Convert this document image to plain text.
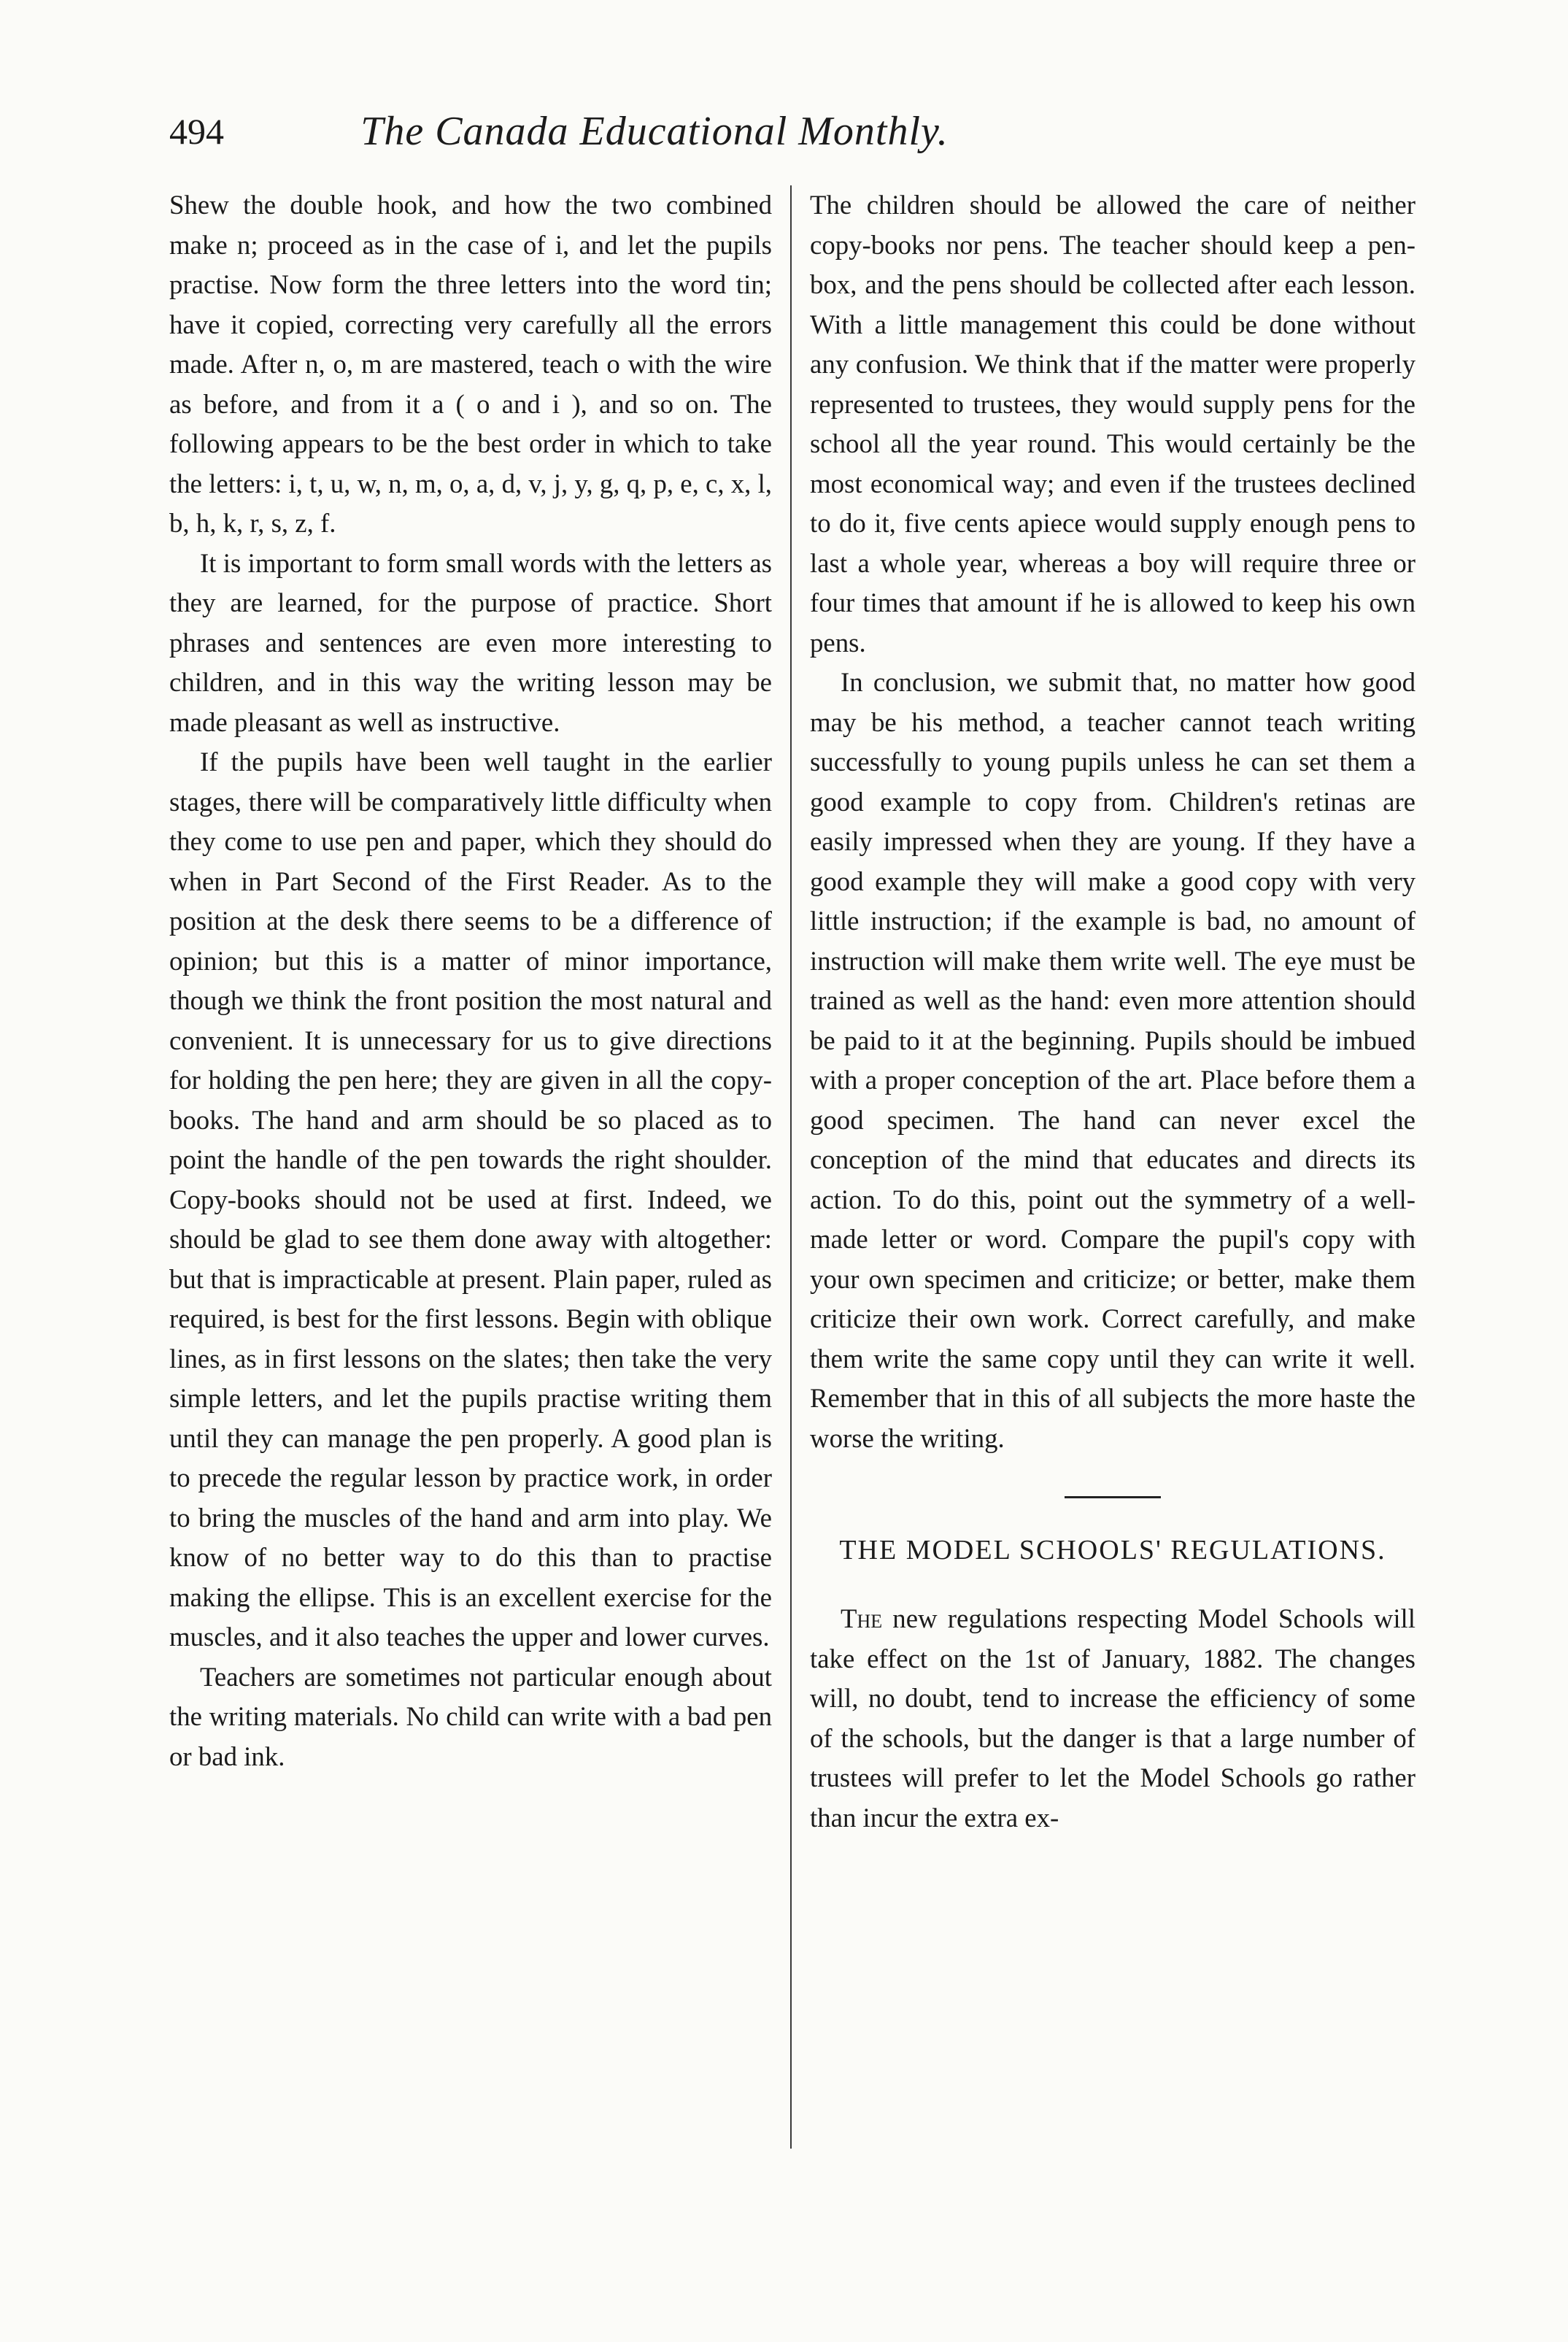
494	The Canada Educational Monthly.

Shew the double hook, and how the two combined make n; proceed as in the case of i, and let the pupils practise. Now form the three letters into the word tin; have it copied, correcting very carefully all the errors made. After n, o, m are mastered, teach o with the wire as before, and from it a ( o and i ), and so on. The following appears to be the best order in which to take the letters: i, t, u, w, n, m, o, a, d, v, j, y, g, q, p, e, c, x, l, b, h, k, r, s, z, f.

It is important to form small words with the letters as they are learned, for the purpose of practice. Short phrases and sentences are even more interesting to children, and in this way the writing lesson may be made pleasant as well as instructive.

If the pupils have been well taught in the earlier stages, there will be comparatively little difficulty when they come to use pen and paper, which they should do when in Part Second of the First Reader. As to the position at the desk there seems to be a difference of opinion; but this is a matter of minor importance, though we think the front position the most natural and convenient. It is unnecessary for us to give directions for holding the pen here; they are given in all the copy-books. The hand and arm should be so placed as to point the handle of the pen towards the right shoulder. Copy-books should not be used at first. Indeed, we should be glad to see them done away with altogether: but that is impracticable at present. Plain paper, ruled as required, is best for the first lessons. Begin with oblique lines, as in first lessons on the slates; then take the very simple letters, and let the pupils practise writing them until they can manage the pen properly. A good plan is to precede the regular lesson by practice work, in order to bring the muscles of the hand and arm into play. We know of no better way to do this than to practise making the ellipse. This is an excellent exercise for the muscles, and it also teaches the upper and lower curves.

Teachers are sometimes not particular enough about the writing materials. No child can write with a bad pen or bad ink.

The children should be allowed the care of neither copy-books nor pens. The teacher should keep a pen-box, and the pens should be collected after each lesson. With a little management this could be done without any confusion. We think that if the matter were properly represented to trustees, they would supply pens for the school all the year round. This would certainly be the most economical way; and even if the trustees declined to do it, five cents apiece would supply enough pens to last a whole year, whereas a boy will require three or four times that amount if he is allowed to keep his own pens.

In conclusion, we submit that, no matter how good may be his method, a teacher cannot teach writing successfully to young pupils unless he can set them a good example to copy from. Children's retinas are easily impressed when they are young. If they have a good example they will make a good copy with very little instruction; if the example is bad, no amount of instruction will make them write well. The eye must be trained as well as the hand: even more attention should be paid to it at the beginning. Pupils should be imbued with a proper conception of the art. Place before them a good specimen. The hand can never excel the conception of the mind that educates and directs its action. To do this, point out the symmetry of a well-made letter or word. Compare the pupil's copy with your own specimen and criticize; or better, make them criticize their own work. Correct carefully, and make them write the same copy until they can write it well. Remember that in this of all subjects the more haste the worse the writing.

THE MODEL SCHOOLS' REGULATIONS.

The new regulations respecting Model Schools will take effect on the 1st of January, 1882. The changes will, no doubt, tend to increase the efficiency of some of the schools, but the danger is that a large number of trustees will prefer to let the Model Schools go rather than incur the extra ex-
